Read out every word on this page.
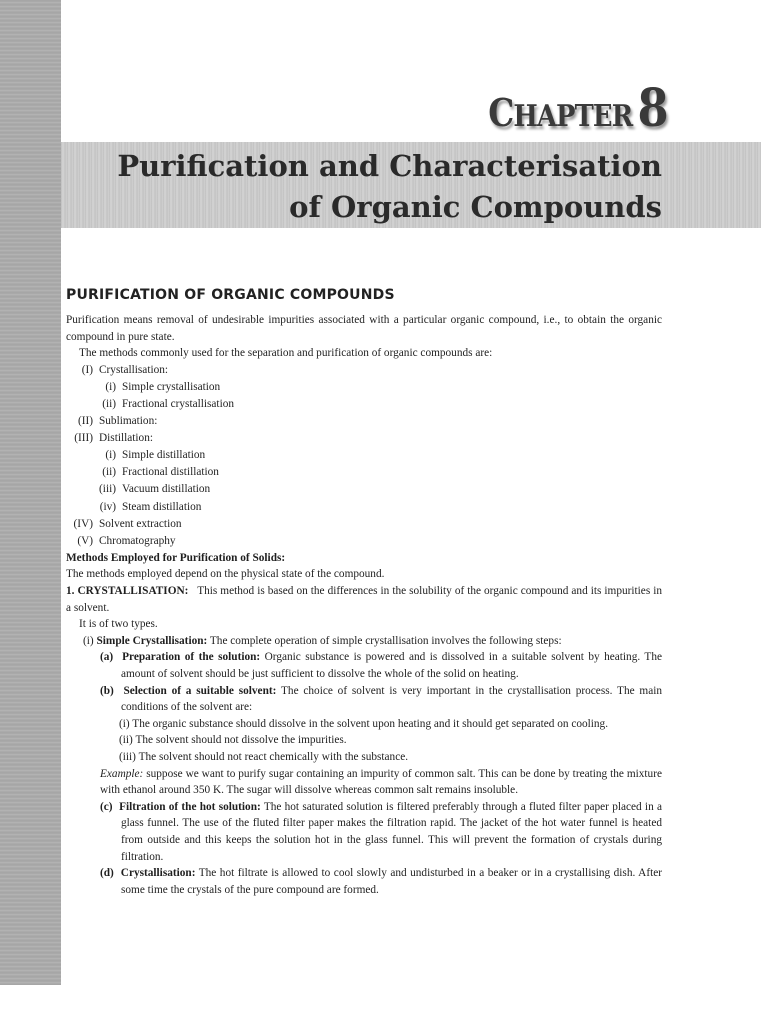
CHAPTER8
Purification and Characterisation
of Organic Compounds
PURIFICATION OF ORGANIC COMPOUNDS

Purification means removal of undesirable impurities associated with a particular organic compound, i.e., to obtain the organic compound in pure state.

The methods commonly used for the separation and purification of organic compounds are:

(I) Crystallisation:
(i) Simple crystallisation
(ii) Fractional crystallisation
(II) Sublimation:
(III) Distillation:
(i) Simple distillation
(ii) Fractional distillation
(iii) Vacuum distillation
(iv) Steam distillation
(IV) Solvent extraction
(V) Chromatography

Methods Employed for Purification of Solids:

The methods employed depend on the physical state of the compound.

1. CRYSTALLISATION: This method is based on the differences in the solubility of the organic compound and its impurities in a solvent.

It is of two types.

(i) Simple Crystallisation: The complete operation of simple crystallisation involves the following steps:

(a) Preparation of the solution: Organic substance is powered and is dissolved in a suitable solvent by heating. The amount of solvent should be just sufficient to dissolve the whole of the solid on heating.

(b) Selection of a suitable solvent: The choice of solvent is very important in the crystallisation process. The main conditions of the solvent are:

(i) The organic substance should dissolve in the solvent upon heating and it should get separated on cooling.

(ii) The solvent should not dissolve the impurities.

(iii) The solvent should not react chemically with the substance.

Example: suppose we want to purify sugar containing an impurity of common salt. This can be done by treating the mixture with ethanol around 350 K. The sugar will dissolve whereas common salt remains insoluble.

(c) Filtration of the hot solution: The hot saturated solution is filtered preferably through a fluted filter paper placed in a glass funnel. The use of the fluted filter paper makes the filtration rapid. The jacket of the hot water funnel is heated from outside and this keeps the solution hot in the glass funnel. This will prevent the formation of crystals during filtration.

(d) Crystallisation: The hot filtrate is allowed to cool slowly and undisturbed in a beaker or in a crystallising dish. After some time the crystals of the pure compound are formed.
